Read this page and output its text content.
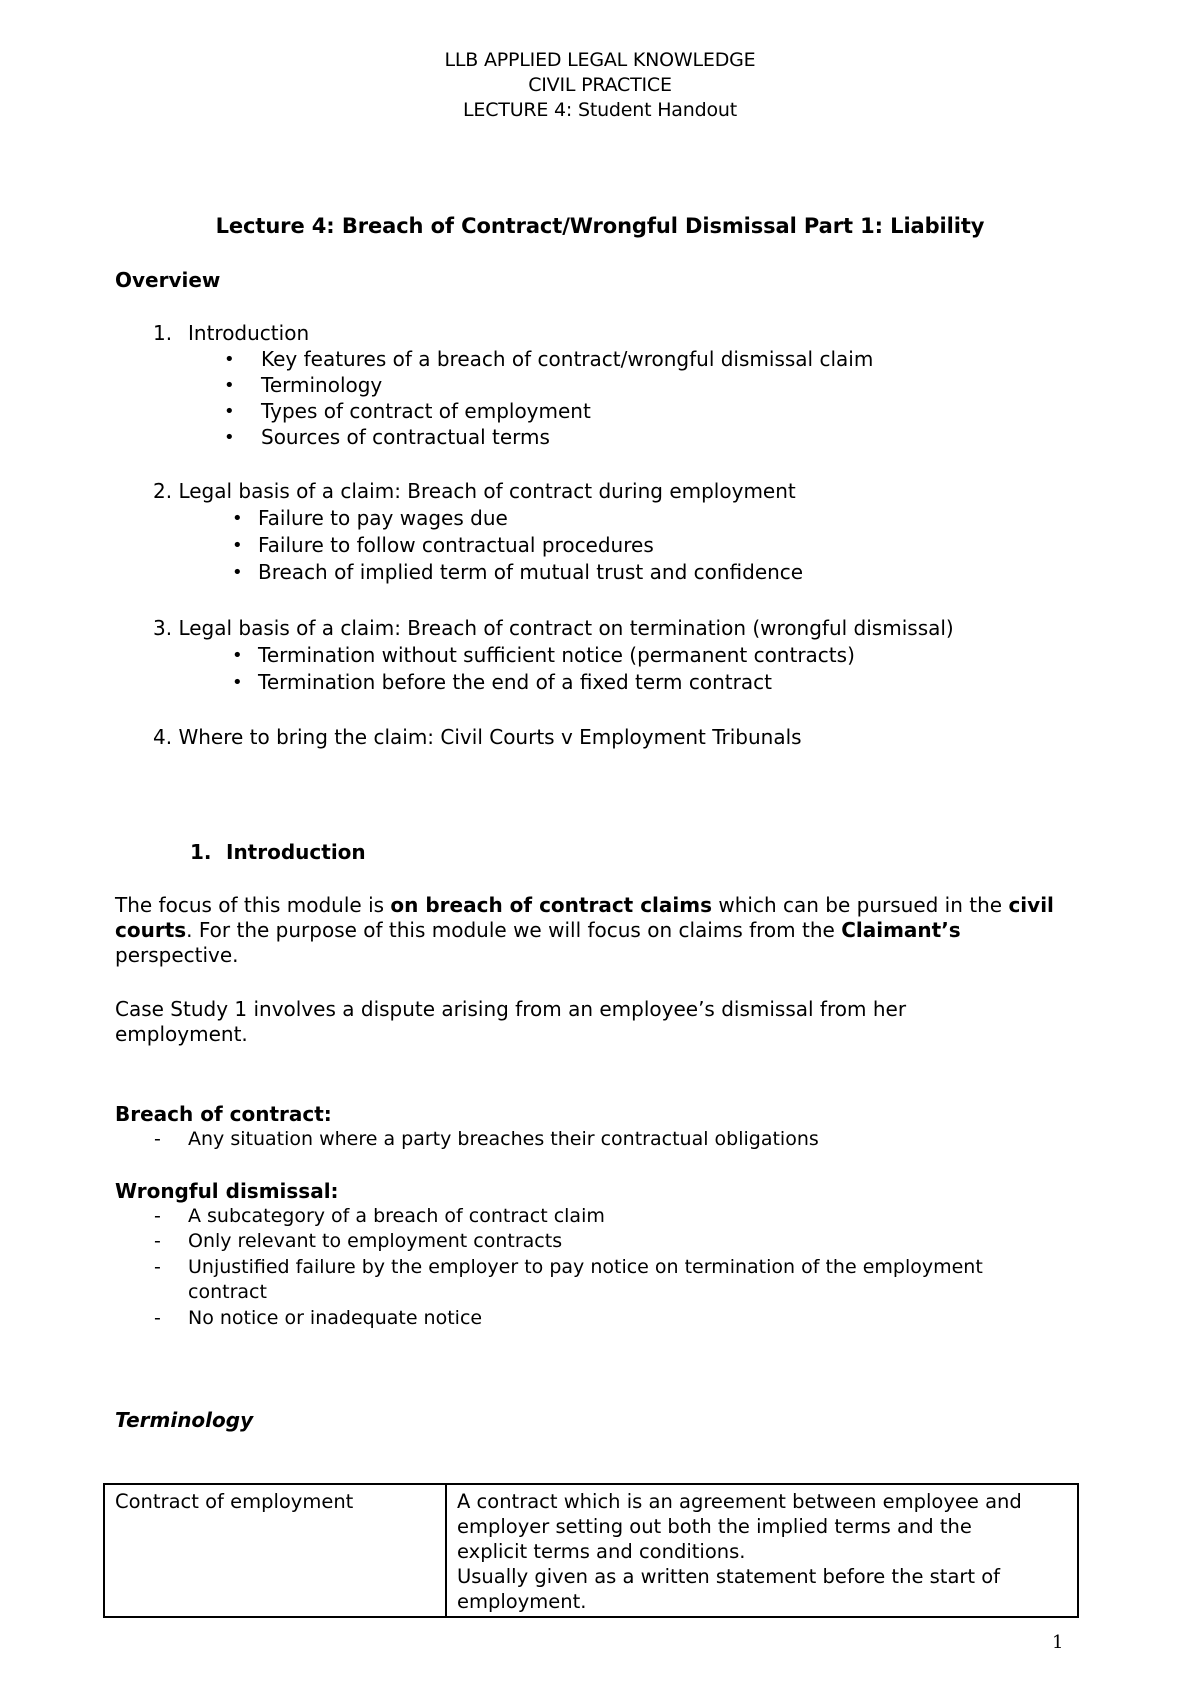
LLB APPLIED LEGAL KNOWLEDGE
CIVIL PRACTICE
LECTURE 4: Student Handout
Lecture 4: Breach of Contract/Wrongful Dismissal Part 1: Liability
Overview
1. Introduction
• Key features of a breach of contract/wrongful dismissal claim
• Terminology
• Types of contract of employment
• Sources of contractual terms
2. Legal basis of a claim: Breach of contract during employment
• Failure to pay wages due
• Failure to follow contractual procedures
• Breach of implied term of mutual trust and confidence
3. Legal basis of a claim: Breach of contract on termination (wrongful dismissal)
• Termination without sufficient notice (permanent contracts)
• Termination before the end of a fixed term contract
4. Where to bring the claim: Civil Courts v Employment Tribunals
1. Introduction

The focus of this module is on breach of contract claims which can be pursued in the civil courts. For the purpose of this module we will focus on claims from the Claimant’s perspective.

Case Study 1 involves a dispute arising from an employee’s dismissal from her employment.

Breach of contract:
- Any situation where a party breaches their contractual obligations
Wrongful dismissal:
- A subcategory of a breach of contract claim
- Only relevant to employment contracts
- Unjustified failure by the employer to pay notice on termination of the employment
contract
- No notice or inadequate notice
Terminology
Contract of employment	A contract which is an agreement between employee and
employer setting out both the implied terms and the
explicit terms and conditions.
Usually given as a written statement before the start of
employment.
1
